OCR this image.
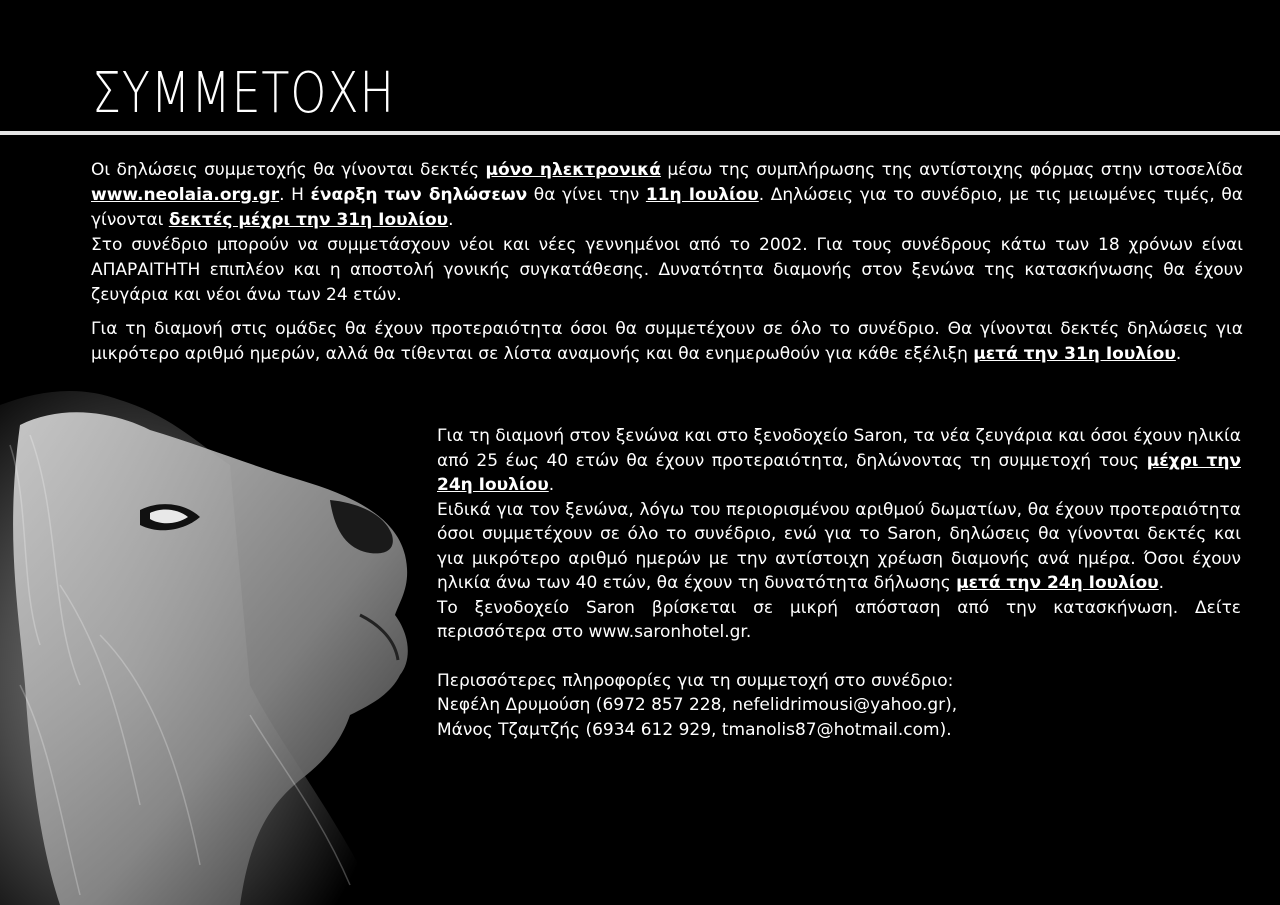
ΣΥΜΜΕΤΟΧΗ

Οι δηλώσεις συμμετοχής θα γίνονται δεκτές μόνο ηλεκτρονικά μέσω της συμπλήρωσης της αντίστοιχης φόρμας στην ιστοσελίδα www.neolaia.org.gr. Η έναρξη των δηλώσεων θα γίνει την 11η Ιουλίου. Δηλώσεις για το συνέδριο, με τις μειωμένες τιμές, θα γίνονται δεκτές μέχρι την 31η Ιουλίου.

Στο συνέδριο μπορούν να συμμετάσχουν νέοι και νέες γεννημένοι από το 2002. Για τους συνέδρους κάτω των 18 χρόνων είναι ΑΠΑΡΑΙΤΗΤΗ επιπλέον και η αποστολή γονικής συγκατάθεσης. Δυνατότητα διαμονής στον ξενώνα της κατασκήνωσης θα έχουν ζευγάρια και νέοι άνω των 24 ετών.

Για τη διαμονή στις ομάδες θα έχουν προτεραιότητα όσοι θα συμμετέχουν σε όλο το συνέδριο. Θα γίνονται δεκτές δηλώσεις για μικρότερο αριθμό ημερών, αλλά θα τίθενται σε λίστα αναμονής και θα ενημερωθούν για κάθε εξέλιξη μετά την 31η Ιουλίου.

Για τη διαμονή στον ξενώνα και στο ξενοδοχείο Saron, τα νέα ζευγάρια και όσοι έχουν ηλικία από 25 έως 40 ετών θα έχουν προτεραιότητα, δηλώνοντας τη συμμετοχή τους μέχρι την 24η Ιουλίου.

Ειδικά για τον ξενώνα, λόγω του περιορισμένου αριθμού δωματίων, θα έχουν προτεραιότητα όσοι συμμετέχουν σε όλο το συνέδριο, ενώ για το Saron, δηλώσεις θα γίνονται δεκτές και για μικρότερο αριθμό ημερών με την αντίστοιχη χρέωση διαμονής ανά ημέρα. Όσοι έχουν ηλικία άνω των 40 ετών, θα έχουν τη δυνατότητα δήλωσης μετά την 24η Ιουλίου.

Το ξενοδοχείο Saron βρίσκεται σε μικρή απόσταση από την κατασκήνωση. Δείτε περισσότερα στο www.saronhotel.gr.

Περισσότερες πληροφορίες για τη συμμετοχή στο συνέδριο:

Νεφέλη Δρυμούση (6972 857 228, nefelidrimousi@yahoo.gr),

Μάνος Τζαμτζής (6934 612 929, tmanolis87@hotmail.com).
